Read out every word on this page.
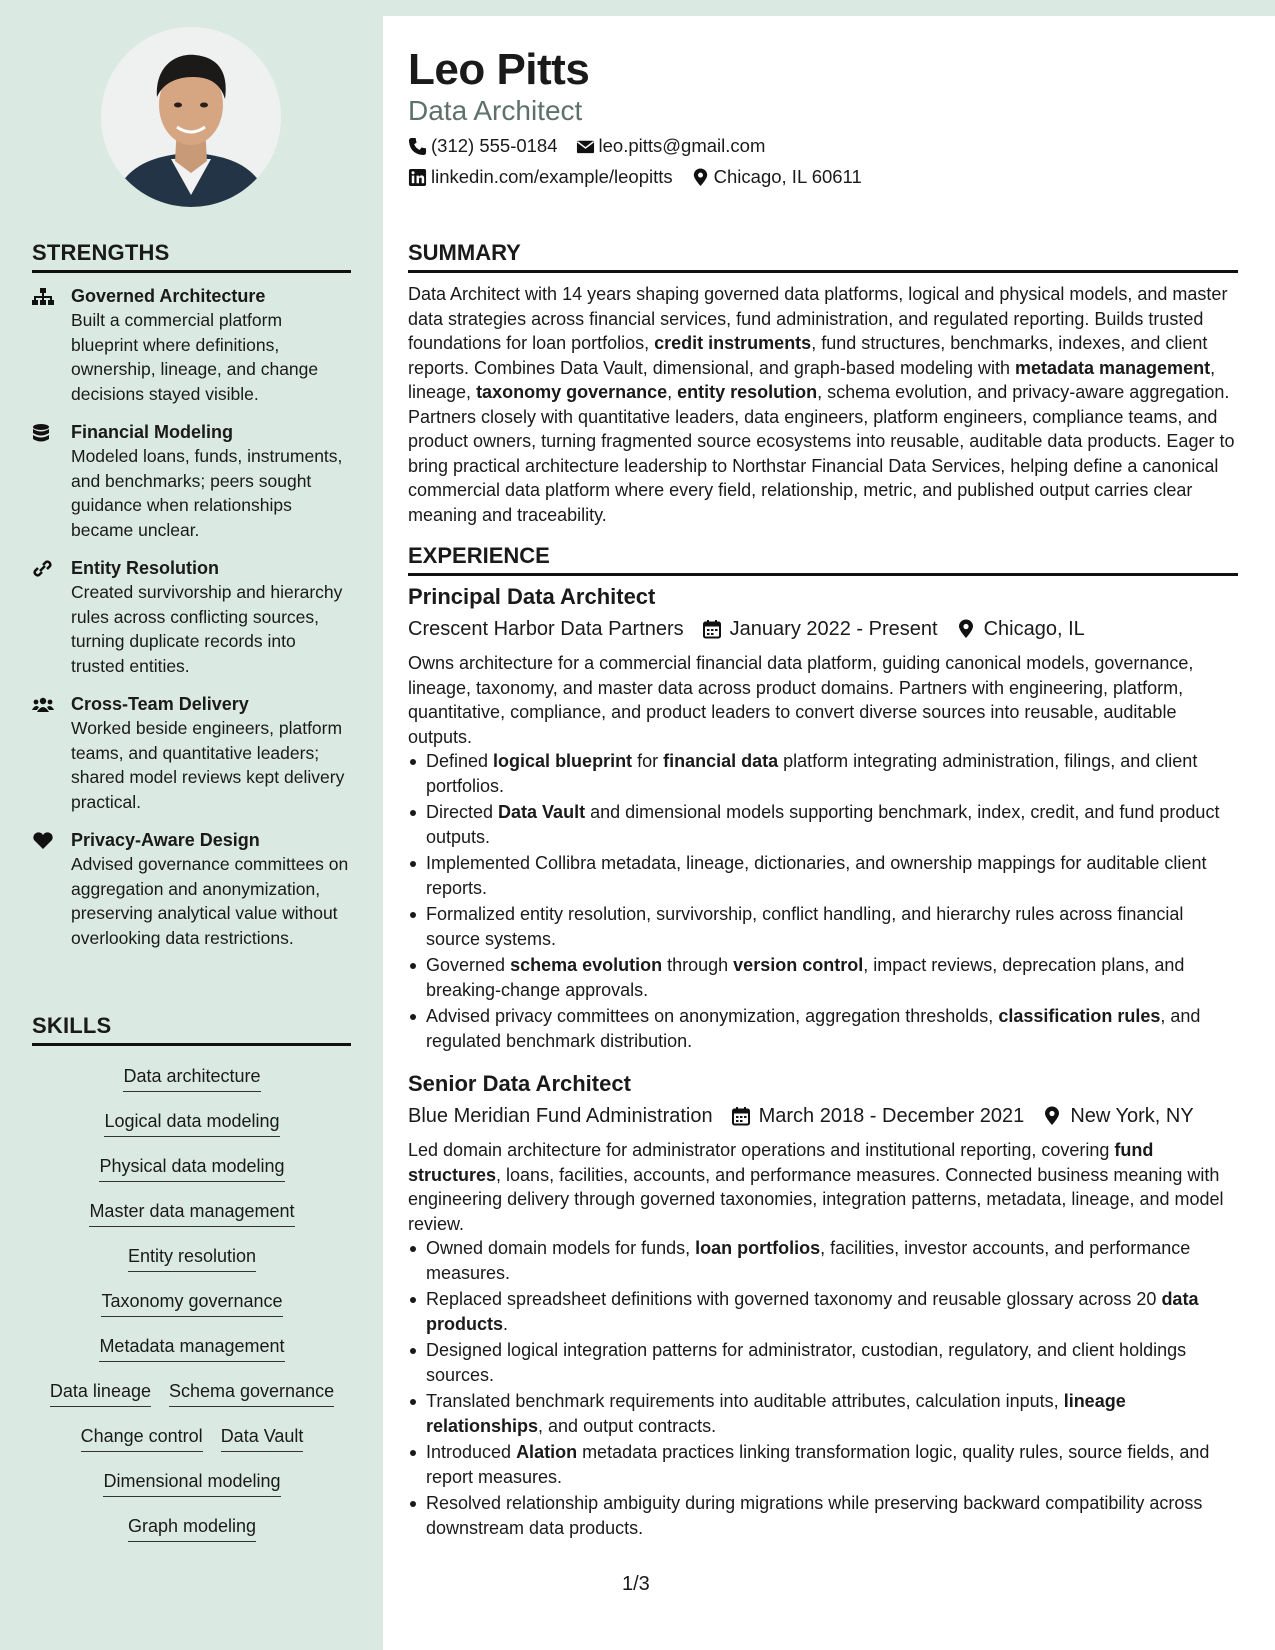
STRENGTHS
Governed Architecture
Built a commercial platform blueprint where definitions, ownership, lineage, and change decisions stayed visible.
Financial Modeling
Modeled loans, funds, instruments, and benchmarks; peers sought guidance when relationships became unclear.
Entity Resolution
Created survivorship and hierarchy rules across conflicting sources, turning duplicate records into trusted entities.
Cross-Team Delivery
Worked beside engineers, platform teams, and quantitative leaders; shared model reviews kept delivery practical.
Privacy-Aware Design
Advised governance committees on aggregation and anonymization, preserving analytical value without overlooking data restrictions.
SKILLS
Data architecture
Logical data modeling
Physical data modeling
Master data management
Entity resolution
Taxonomy governance
Metadata management
Data lineage Schema governance
Change control Data Vault
Dimensional modeling
Graph modeling
Leo Pitts
Data Architect
(312) 555-0184 leo.pitts@gmail.com
linkedin.com/example/leopitts Chicago, IL 60611
SUMMARY
Data Architect with 14 years shaping governed data platforms, logical and physical models, and master data strategies across financial services, fund administration, and regulated reporting. Builds trusted foundations for loan portfolios, credit instruments, fund structures, benchmarks, indexes, and client reports. Combines Data Vault, dimensional, and graph-based modeling with metadata management, lineage, taxonomy governance, entity resolution, schema evolution, and privacy-aware aggregation. Partners closely with quantitative leaders, data engineers, platform engineers, compliance teams, and product owners, turning fragmented source ecosystems into reusable, auditable data products. Eager to bring practical architecture leadership to Northstar Financial Data Services, helping define a canonical commercial data platform where every field, relationship, metric, and published output carries clear meaning and traceability.
EXPERIENCE
Principal Data Architect
Crescent Harbor Data Partners January 2022 - Present Chicago, IL
Owns architecture for a commercial financial data platform, guiding canonical models, governance, lineage, taxonomy, and master data across product domains. Partners with engineering, platform, quantitative, compliance, and product leaders to convert diverse sources into reusable, auditable outputs.
Defined logical blueprint for financial data platform integrating administration, filings, and client portfolios.
Directed Data Vault and dimensional models supporting benchmark, index, credit, and fund product outputs.
Implemented Collibra metadata, lineage, dictionaries, and ownership mappings for auditable client reports.
Formalized entity resolution, survivorship, conflict handling, and hierarchy rules across financial source systems.
Governed schema evolution through version control, impact reviews, deprecation plans, and breaking-change approvals.
Advised privacy committees on anonymization, aggregation thresholds, classification rules, and regulated benchmark distribution.
Senior Data Architect
Blue Meridian Fund Administration March 2018 - December 2021 New York, NY
Led domain architecture for administrator operations and institutional reporting, covering fund structures, loans, facilities, accounts, and performance measures. Connected business meaning with engineering delivery through governed taxonomies, integration patterns, metadata, lineage, and model review.
Owned domain models for funds, loan portfolios, facilities, investor accounts, and performance measures.
Replaced spreadsheet definitions with governed taxonomy and reusable glossary across 20 data products.
Designed logical integration patterns for administrator, custodian, regulatory, and client holdings sources.
Translated benchmark requirements into auditable attributes, calculation inputs, lineage relationships, and output contracts.
Introduced Alation metadata practices linking transformation logic, quality rules, source fields, and report measures.
Resolved relationship ambiguity during migrations while preserving backward compatibility across downstream data products.
1/3
